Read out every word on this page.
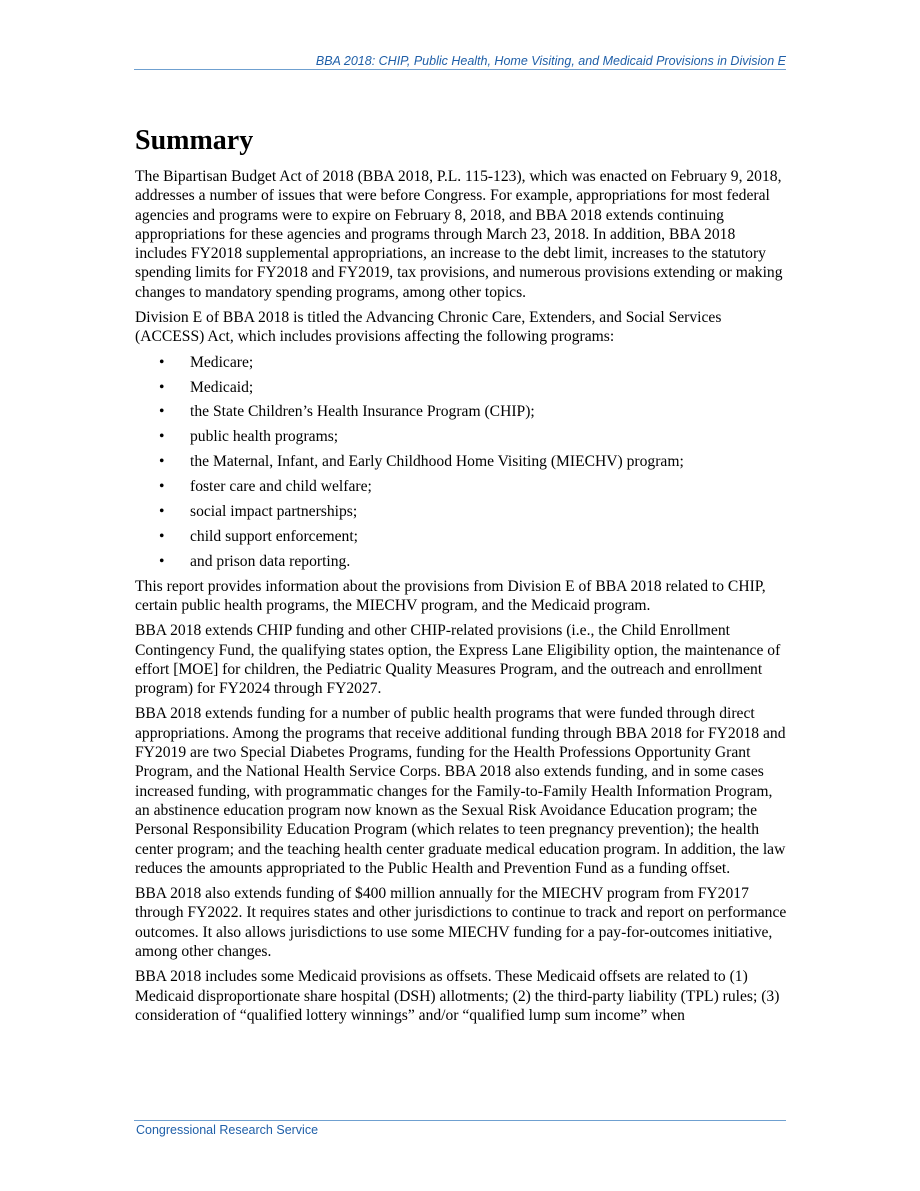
BBA 2018: CHIP, Public Health, Home Visiting, and Medicaid Provisions in Division E
Summary

The Bipartisan Budget Act of 2018 (BBA 2018, P.L. 115-123), which was enacted on February 9, 2018, addresses a number of issues that were before Congress. For example, appropriations for most federal agencies and programs were to expire on February 8, 2018, and BBA 2018 extends continuing appropriations for these agencies and programs through March 23, 2018. In addition, BBA 2018 includes FY2018 supplemental appropriations, an increase to the debt limit, increases to the statutory spending limits for FY2018 and FY2019, tax provisions, and numerous provisions extending or making changes to mandatory spending programs, among other topics.

Division E of BBA 2018 is titled the Advancing Chronic Care, Extenders, and Social Services (ACCESS) Act, which includes provisions affecting the following programs:

• Medicare;
• Medicaid;
• the State Children’s Health Insurance Program (CHIP);
• public health programs;
• the Maternal, Infant, and Early Childhood Home Visiting (MIECHV) program;
• foster care and child welfare;
• social impact partnerships;
• child support enforcement;
• and prison data reporting.

This report provides information about the provisions from Division E of BBA 2018 related to CHIP, certain public health programs, the MIECHV program, and the Medicaid program.

BBA 2018 extends CHIP funding and other CHIP-related provisions (i.e., the Child Enrollment Contingency Fund, the qualifying states option, the Express Lane Eligibility option, the maintenance of effort [MOE] for children, the Pediatric Quality Measures Program, and the outreach and enrollment program) for FY2024 through FY2027.

BBA 2018 extends funding for a number of public health programs that were funded through direct appropriations. Among the programs that receive additional funding through BBA 2018 for FY2018 and FY2019 are two Special Diabetes Programs, funding for the Health Professions Opportunity Grant Program, and the National Health Service Corps. BBA 2018 also extends funding, and in some cases increased funding, with programmatic changes for the Family-to-Family Health Information Program, an abstinence education program now known as the Sexual Risk Avoidance Education program; the Personal Responsibility Education Program (which relates to teen pregnancy prevention); the health center program; and the teaching health center graduate medical education program. In addition, the law reduces the amounts appropriated to the Public Health and Prevention Fund as a funding offset.

BBA 2018 also extends funding of $400 million annually for the MIECHV program from FY2017 through FY2022. It requires states and other jurisdictions to continue to track and report on performance outcomes. It also allows jurisdictions to use some MIECHV funding for a pay-for-outcomes initiative, among other changes.

BBA 2018 includes some Medicaid provisions as offsets. These Medicaid offsets are related to (1) Medicaid disproportionate share hospital (DSH) allotments; (2) the third-party liability (TPL) rules; (3) consideration of “qualified lottery winnings” and/or “qualified lump sum income” when

Congressional Research Service
